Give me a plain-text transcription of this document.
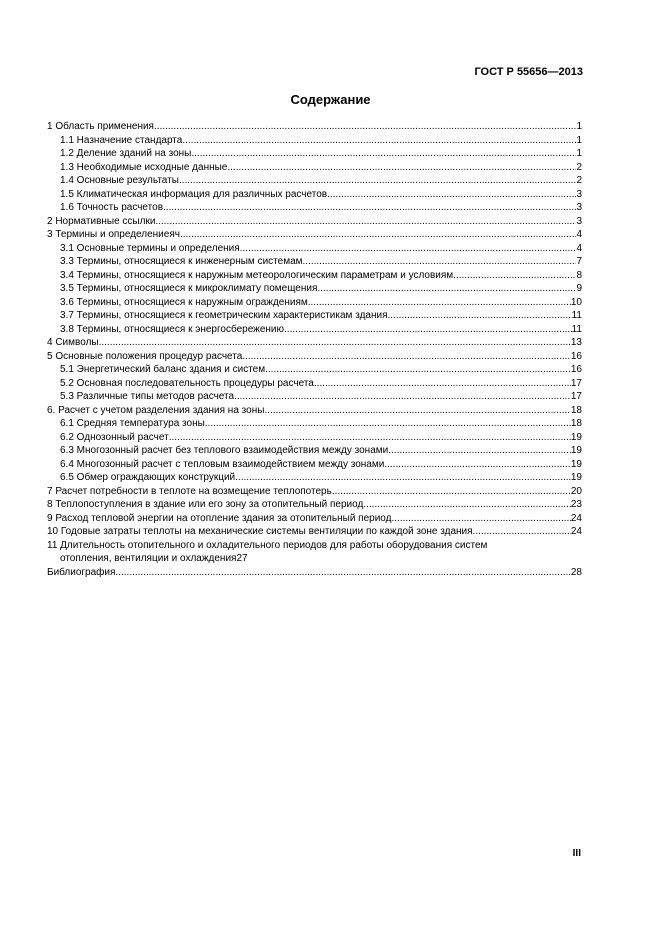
ГОСТ Р 55656—2013
Содержание
1 Область применения .....	1
1.1 Назначение стандарта .....	1
1.2 Деление зданий на зоны .....	1
1.3 Необходимые исходные данные .....	2
1.4 Основные результаты .....	2
1.5 Климатическая информация для различных расчетов .....	3
1.6 Точность расчетов .....	3
2 Нормативные ссылки .....	3
3 Термины и определениеяч. .....	4
3.1 Основные термины и определения .....	4
3.3 Термины, относящиеся к инженерным системам .....	7
3.4 Термины, относящиеся к наружным метеорологическим параметрам и условиям .....	8
3.5 Термины, относящиеся к микроклимату помещения .....	9
3.6 Термины, относящиеся к наружным ограждениям .....	10
3.7 Термины, относящиеся к геометрическим характеристикам здания .....	11
3.8 Термины, относящиеся к энергосбережению .....	11
4 Символы .....	13
5 Основные положения процедур расчета .....	16
5.1 Энергетический баланс здания и систем .....	16
5.2 Основная последовательность процедуры расчета .....	17
5.3 Различные типы методов расчета .....	17
6. Расчет с учетом разделения здания на зоны .....	18
6.1 Средняя температура зоны .....	18
6.2 Однозонный расчет .....	19
6.3 Многозонный расчет без теплового взаимодействия между зонами .....	19
6.4 Многозонный расчет с тепловым взаимодействием между зонами .....	19
6.5 Обмер ограждающих конструкций .....	19
7 Расчет потребности в теплоте на возмещение теплопотерь .....	20
8 Теплопоступления в здание или его зону за отопительный период .....	23
9 Расход тепловой энергии на отопление здания за отопительный период .....	24
10 Годовые затраты теплоты на механические системы вентиляции по каждой зоне здания .....	24
11 Длительность отопительного и охладительного периодов для работы оборудования систем
отопления, вентиляции и охлаждения 27
Библиография .....	28
III
